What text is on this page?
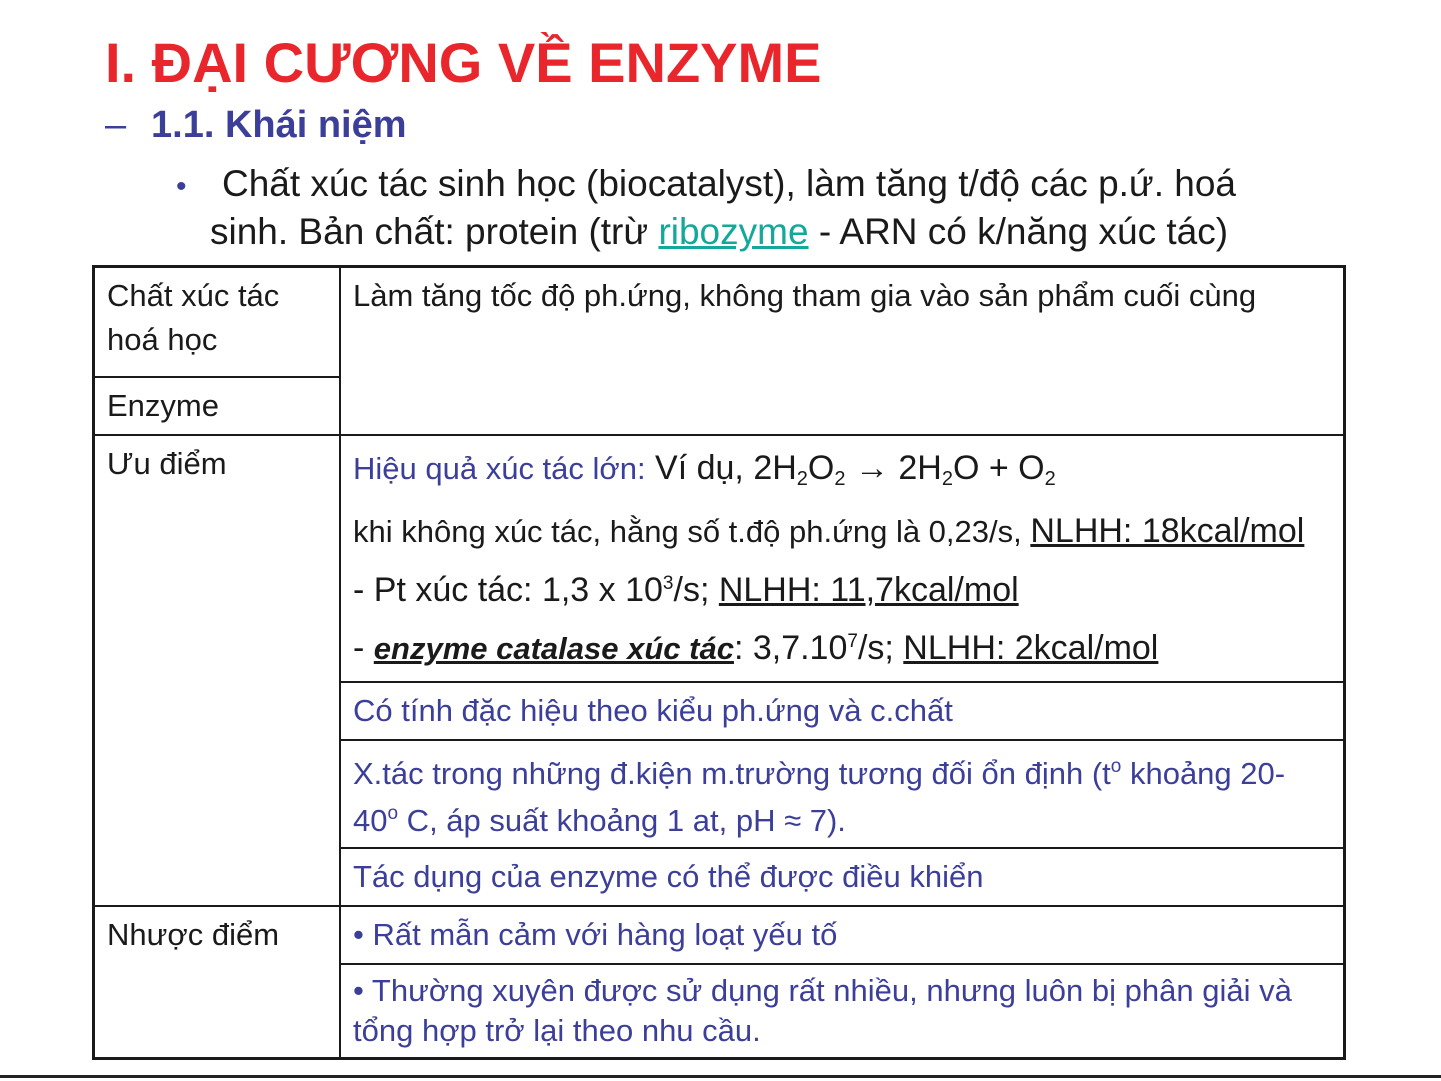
I. ĐẠI CƯƠNG VỀ ENZYME
– 1.1. Khái niệm
• Chất xúc tác sinh học (biocatalyst), làm tăng t/độ các p.ứ. hoá
sinh. Bản chất: protein (trừ ribozyme - ARN có k/năng xúc tác)
Chất xúc tác hoá học	Làm tăng tốc độ ph.ứng, không tham gia vào sản phẩm cuối cùng
Enzyme	
Ưu điểm	Hiệu quả xúc tác lớn: Ví dụ, $2H_2O_2 \to 2H_2O + O_2$
khi không xúc tác, hằng số t.độ ph.ứng là 0,23/s, NLHH: 18kcal/mol
- Pt xúc tác: 1,3 x $10^3/s$; NLHH: 11,7kcal/mol
- enzyme catalase xúc tác: 3,7.10$^7$/s; NLHH: 2kcal/mol

	Có tính đặc hiệu theo kiểu ph.ứng và c.chất
	X.tác trong những đ.kiện m.trường tương đối ổn định ($t^o$ khoảng 20- 40$^o$ C, áp suất khoảng 1 at, pH ≈ 7).
	Tác dụng của enzyme có thể được điều khiển
Nhược điểm	• Rất mẫn cảm với hàng loạt yếu tố
	• Thường xuyên được sử dụng rất nhiều, nhưng luôn bị phân giải và tổng hợp trở lại theo nhu cầu.
